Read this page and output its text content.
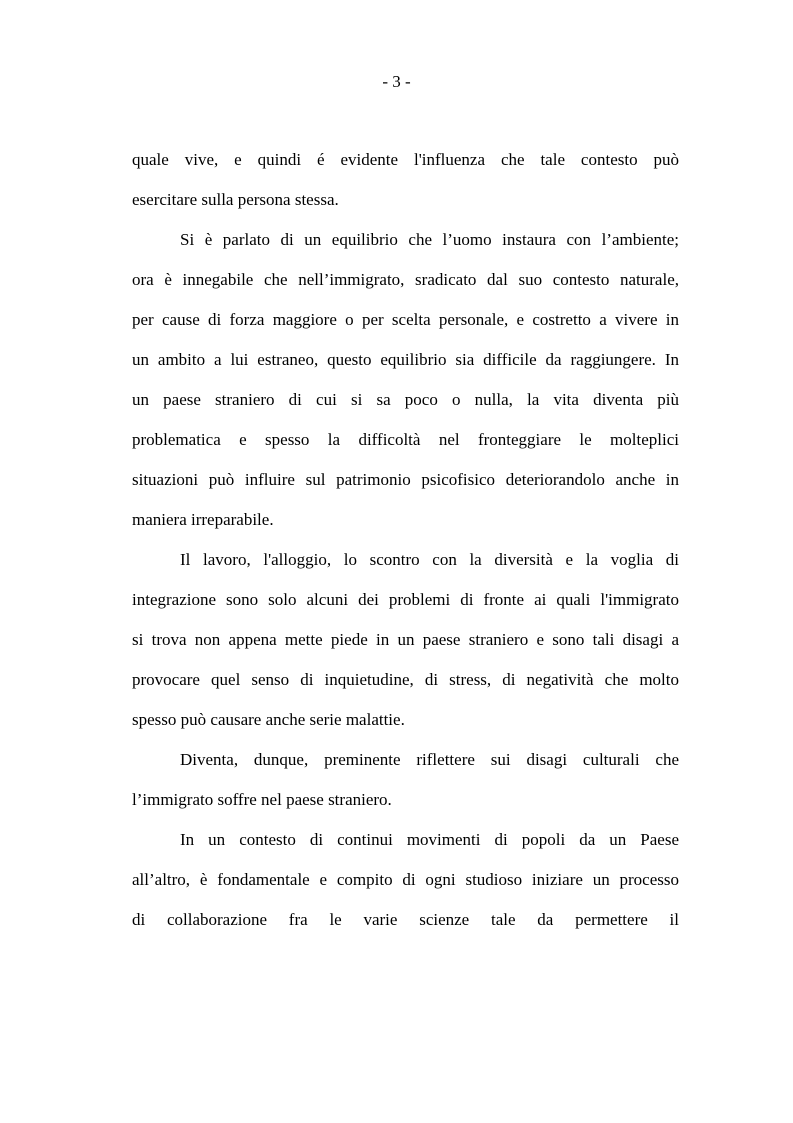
- 3 -
quale vive, e quindi é evidente l'influenza che tale contesto può
esercitare sulla persona stessa.
Si è parlato di un equilibrio che l’uomo instaura con l’ambiente;
ora è innegabile che nell’immigrato, sradicato dal suo contesto naturale,
per cause di forza maggiore o per scelta personale, e costretto a vivere in
un ambito a lui estraneo, questo equilibrio sia difficile da raggiungere. In
un paese straniero di cui si sa poco o nulla, la vita diventa più
problematica e spesso la difficoltà nel fronteggiare le molteplici
situazioni può influire sul patrimonio psicofisico deteriorandolo anche in
maniera irreparabile.
Il lavoro, l'alloggio, lo scontro con la diversità e la voglia di
integrazione sono solo alcuni dei problemi di fronte ai quali l'immigrato
si trova non appena mette piede in un paese straniero e sono tali disagi a
provocare quel senso di inquietudine, di stress, di negatività che molto
spesso può causare anche serie malattie.
Diventa, dunque, preminente riflettere sui disagi culturali che
l’immigrato soffre nel paese straniero.
In un contesto di continui movimenti di popoli da un Paese
all’altro, è fondamentale e compito di ogni studioso iniziare un processo
di collaborazione fra le varie scienze tale da permettere il
